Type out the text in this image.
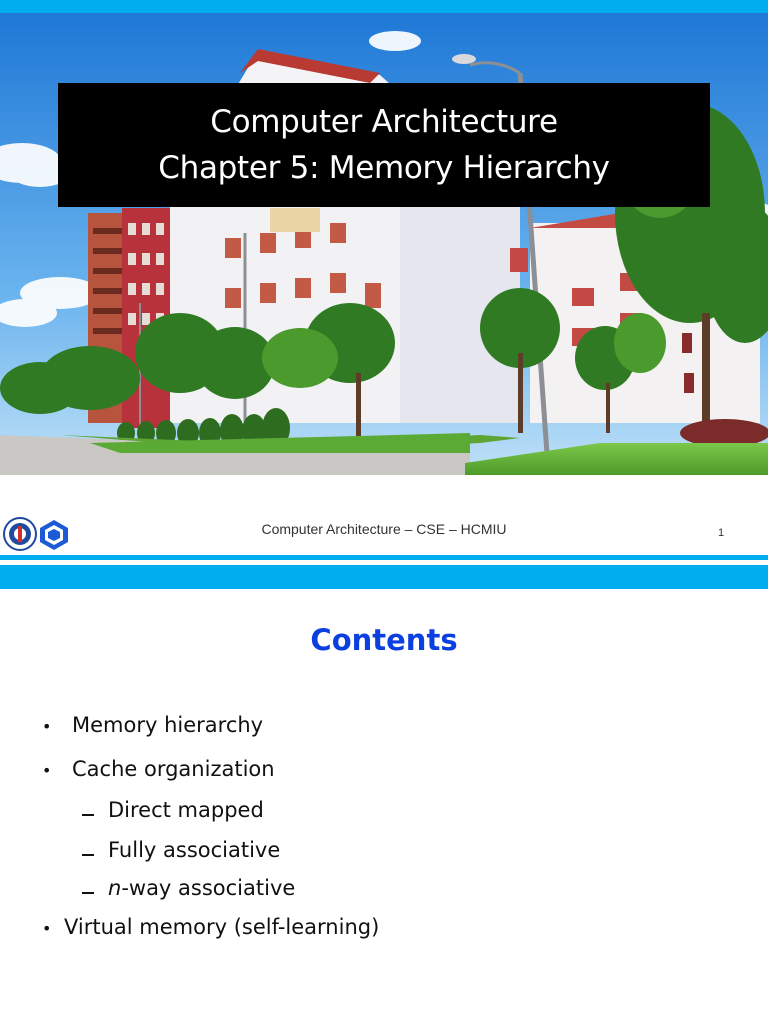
Computer Architecture
Chapter 5: Memory Hierarchy
Computer Architecture – CSE – HCMIU	1
Contents
• Memory hierarchy
• Cache organization
Direct mapped
Fully associative
n-way associative
• Virtual memory (self-learning)
